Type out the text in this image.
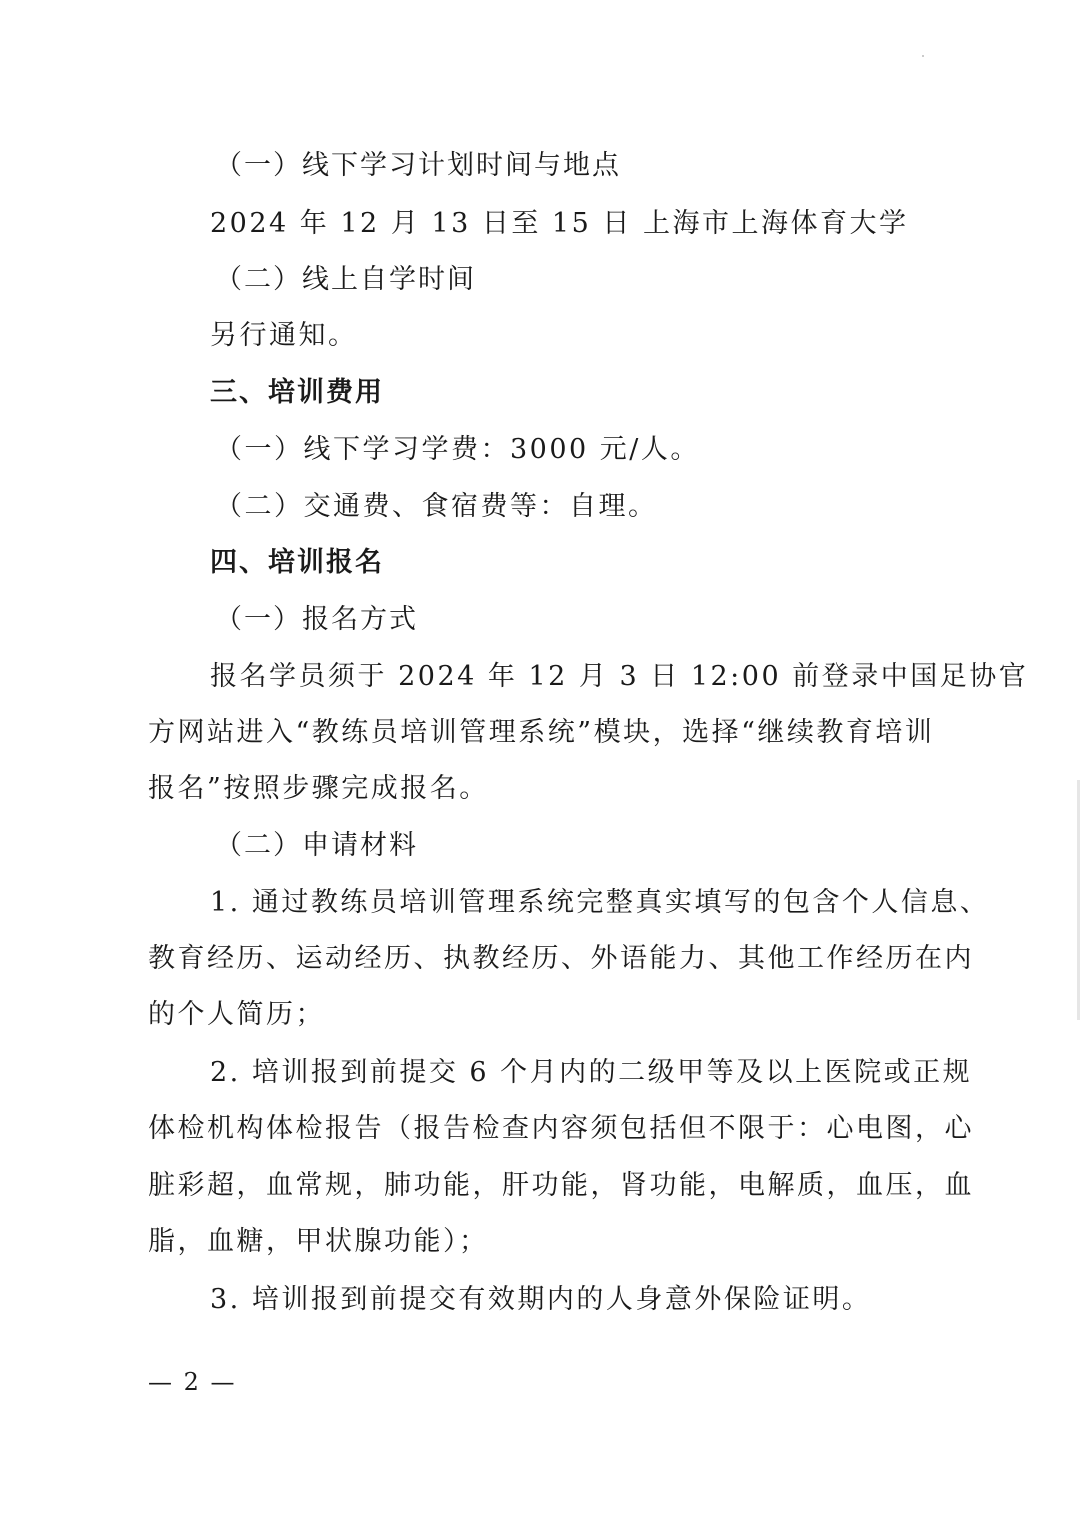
（一）线下学习计划时间与地点
2024 年 12 月 13 日至 15 日 上海市上海体育大学
（二）线上自学时间
另行通知。
三、培训费用
（一）线下学习学费：3000 元/人。
（二）交通费、食宿费等：自理。
四、培训报名
（一）报名方式
报名学员须于 2024 年 12 月 3 日 12:00 前登录中国足协官
方网站进入“教练员培训管理系统”模块，选择“继续教育培训
报名”按照步骤完成报名。
（二）申请材料
1. 通过教练员培训管理系统完整真实填写的包含个人信息、
教育经历、运动经历、执教经历、外语能力、其他工作经历在内
的个人简历；
2. 培训报到前提交 6 个月内的二级甲等及以上医院或正规
体检机构体检报告（报告检查内容须包括但不限于：心电图，心
脏彩超，血常规，肺功能，肝功能，肾功能，电解质，血压，血
脂，血糖，甲状腺功能）；
3. 培训报到前提交有效期内的人身意外保险证明。
— 2 —
